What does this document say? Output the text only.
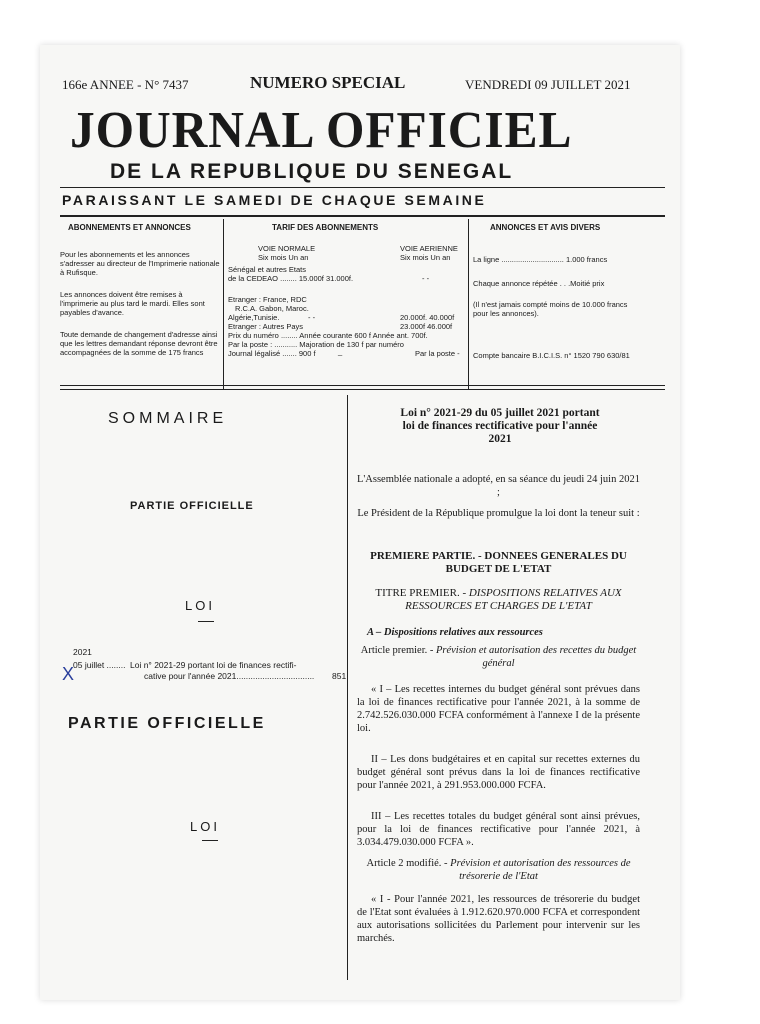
166e ANNEE - N° 7437	NUMERO SPECIAL	VENDREDI 09 JUILLET 2021
JOURNAL OFFICIEL
DE LA REPUBLIQUE DU SENEGAL
PARAISSANT LE SAMEDI DE CHAQUE SEMAINE
ABONNEMENTS ET ANNONCES
Pour les abonnements et les annonces s'adresser au directeur de l'Imprimerie nationale à Rufisque.
Les annonces doivent être remises à l'imprimerie au plus tard le mardi. Elles sont payables d'avance.
Toute demande de changement d'adresse ainsi que les lettres demandant réponse devront être accompagnées de la somme de 175 francs
TARIF DES ABONNEMENTS
VOIE NORMALE	VOIE AERIENNE
Six mois Un an	Six mois Un an
Sénégal et autres Etats
de la CEDEAO ........ 15.000f 31.000f.	- -
Etranger : France, RDC
R.C.A. Gabon, Maroc.
Algérie,Tunisie.	- -	20.000f. 40.000f
Etranger : Autres Pays	23.000f 46.000f
Prix du numéro ........ Année courante 600 f Année ant. 700f.
Par la poste : ........... Majoration de 130 f par numéro
Journal légalisé ....... 900 f	_	Par la poste -
ANNONCES ET AVIS DIVERS
La ligne .............................. 1.000 francs
Chaque annonce répétée . . .Moitié prix
(Il n'est jamais compté moins de 10.000 francs pour les annonces).
Compte bancaire B.I.C.I.S. n° 1520 790 630/81
SOMMAIRE
PARTIE OFFICIELLE
LOI
2021
X
05 juillet ........ Loi n° 2021-29 portant loi de finances rectifi-
cative pour l'année 2021................................. 851
PARTIE OFFICIELLE
LOI
Loi n° 2021-29 du 05 juillet 2021 portant loi de finances rectificative pour l'année 2021
L'Assemblée nationale a adopté, en sa séance du jeudi 24 juin 2021 ;
Le Président de la République promulgue la loi dont la teneur suit :
PREMIERE PARTIE. - DONNEES GENERALES DU BUDGET DE L'ETAT
TITRE PREMIER. - DISPOSITIONS RELATIVES AUX RESSOURCES ET CHARGES DE L'ETAT
A – Dispositions relatives aux ressources
Article premier. - Prévision et autorisation des recettes du budget général
« I – Les recettes internes du budget général sont prévues dans la loi de finances rectificative pour l'année 2021, à la somme de 2.742.526.030.000 FCFA conformément à l'annexe I de la présente loi.
II – Les dons budgétaires et en capital sur recettes externes du budget général sont prévus dans la loi de finances rectificative pour l'année 2021, à 291.953.000.000 FCFA.
III – Les recettes totales du budget général sont ainsi prévues, pour la loi de finances rectificative pour l'année 2021, à 3.034.479.030.000 FCFA ».
Article 2 modifié. - Prévision et autorisation des ressources de trésorerie de l'Etat
« I - Pour l'année 2021, les ressources de trésorerie du budget de l'Etat sont évaluées à 1.912.620.970.000 FCFA et correspondent aux autorisations sollicitées du Parlement pour intervenir sur les marchés.
